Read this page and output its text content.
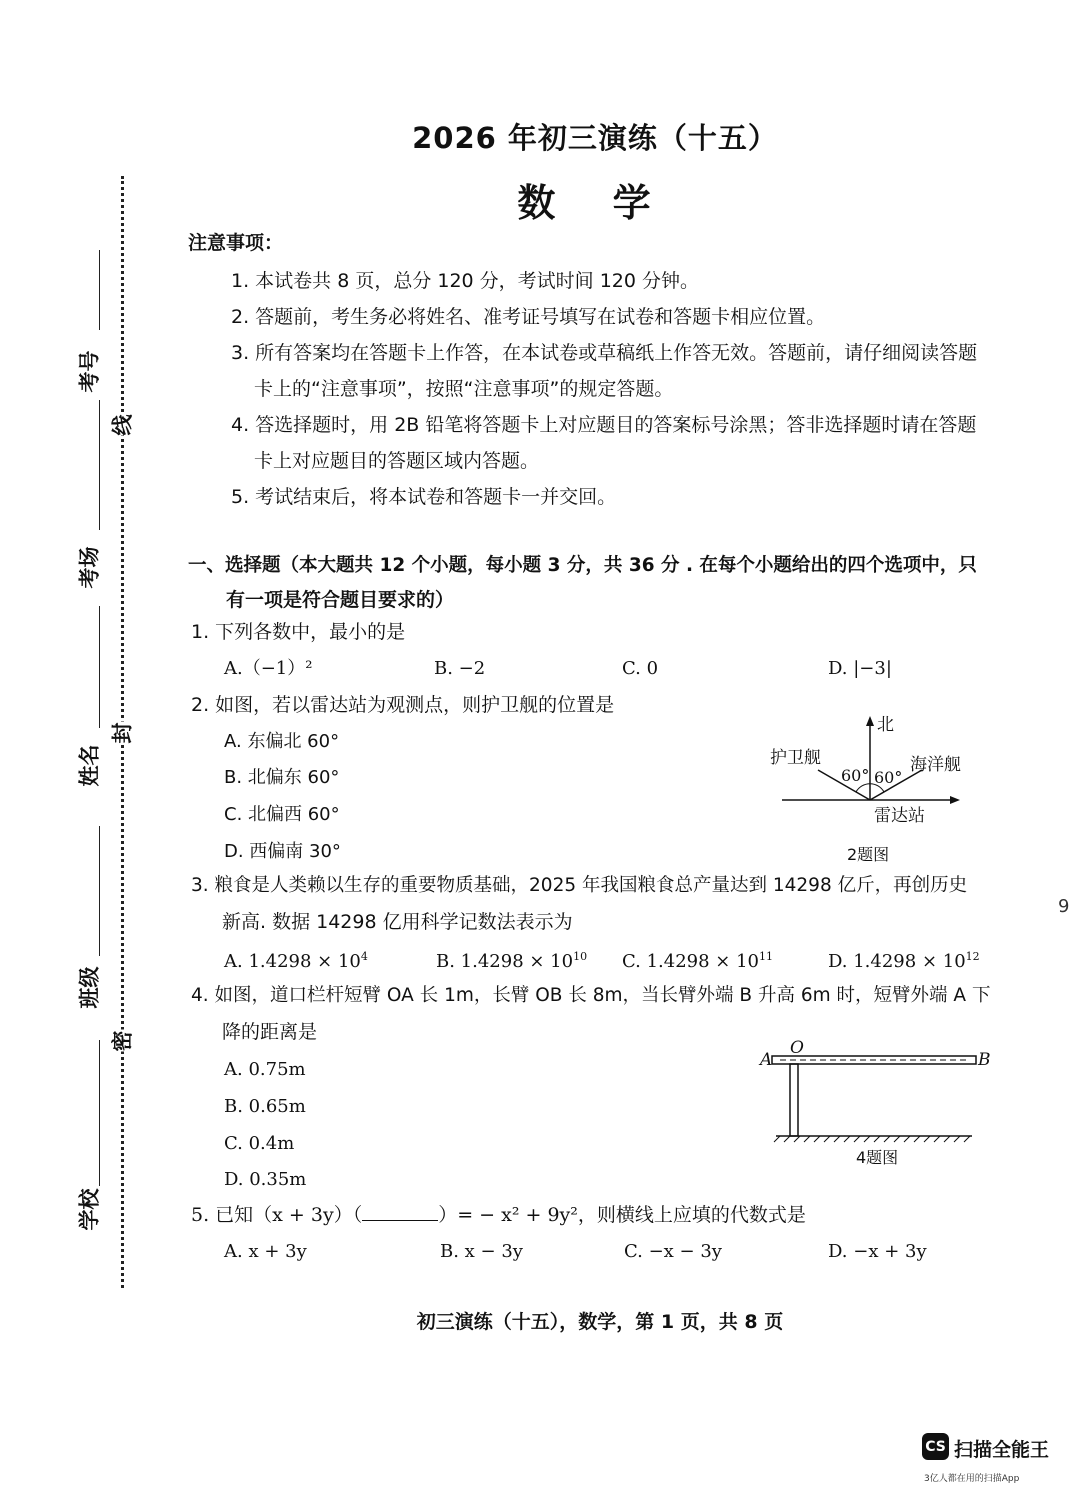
2026 年初三演练（十五）
数 学
考号
考场
姓名
班级
学校
线
封
密
注意事项：
1. 本试卷共 8 页，总分 120 分，考试时间 120 分钟。
2. 答题前，考生务必将姓名、准考证号填写在试卷和答题卡相应位置。
3. 所有答案均在答题卡上作答，在本试卷或草稿纸上作答无效。答题前，请仔细阅读答题
卡上的“注意事项”，按照“注意事项”的规定答题。
4. 答选择题时，用 2B 铅笔将答题卡上对应题目的答案标号涂黑；答非选择题时请在答题
卡上对应题目的答题区域内答题。
5. 考试结束后，将本试卷和答题卡一并交回。
一、选择题（本大题共 12 个小题，每小题 3 分，共 36 分 . 在每个小题给出的四个选项中，只
有一项是符合题目要求的）
1. 下列各数中，最小的是
A.（−1）²	B. −2	C. 0	D. |−3|
2. 如图，若以雷达站为观测点，则护卫舰的位置是
A. 东偏北 60°
B. 北偏东 60°
C. 北偏西 60°
D. 西偏南 30°
北
护卫舰	海洋舰
60° 60°
雷达站
2题图
3. 粮食是人类赖以生存的重要物质基础，2025 年我国粮食总产量达到 14298 亿斤，再创历史
新高. 数据 14298 亿用科学记数法表示为
A. $1.4298 \times 10^4$	B. $1.4298 \times 10^{10}$ C. $1.4298 \times 10^{11}$	D. $1.4298 \times 10^{12}$
4. 如图，道口栏杆短臂 OA 长 1m，长臂 OB 长 8m，当长臂外端 B 升高 6m 时，短臂外端 A 下
降的距离是
A. 0.75m
B. 0.65m
C. 0.4m
D. 0.35m
A
O
B
4题图
5. 已知（x + 3y）（	）= − x² + 9y²，则横线上应填的代数式是
A. x + 3y	B. x − 3y	C. −x − 3y	D. −x + 3y
初三演练（十五），数学，第 1 页，共 8 页
9
CS 扫描全能王
3亿人都在用的扫描App
